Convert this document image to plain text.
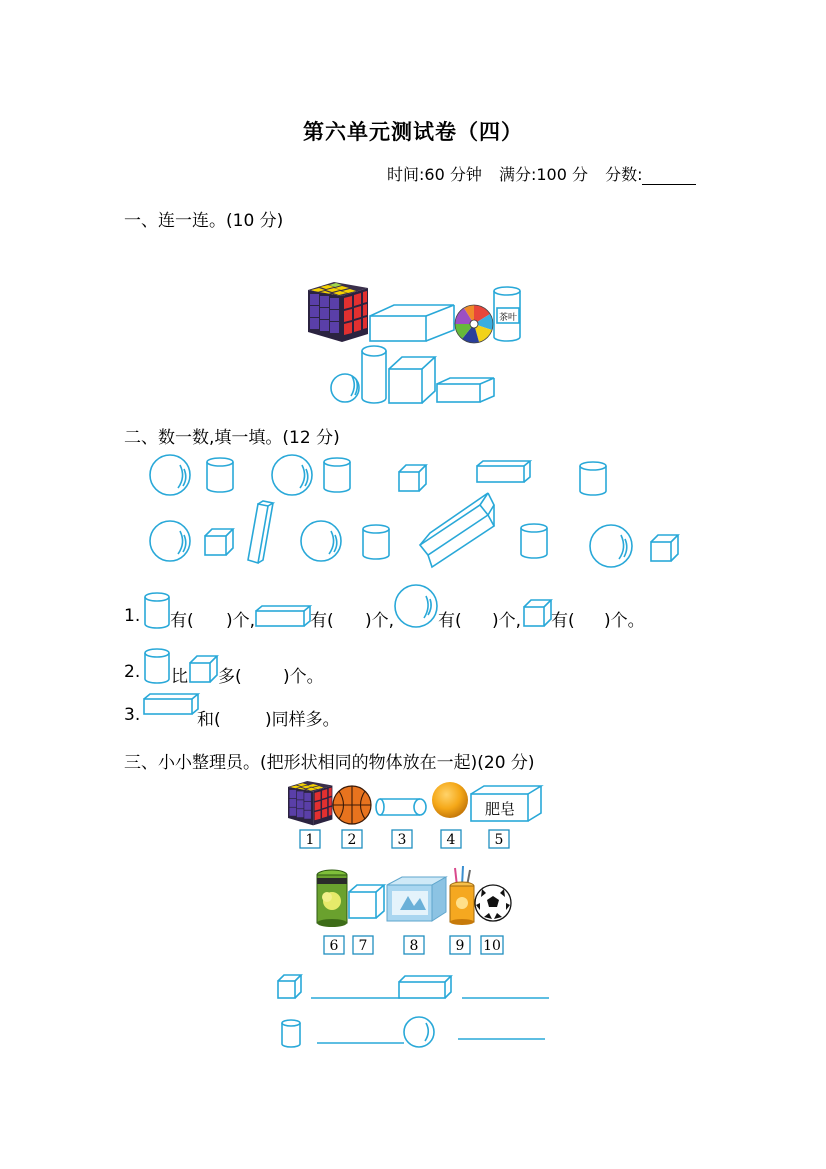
第六单元测试卷（四）
时间:60 分钟 满分:100 分 分数:
一、连一连。(10 分)
茶叶
肥皂
1 2	3	4	5
6 7	8	9 10
二、数一数,填一填。(12 分)
1. 有( )个,	有( )个,	有( )个, 有( )个。
2. 比 多( )个。
3.	和(	)同样多。
三、小小整理员。(把形状相同的物体放在一起)(20 分)
